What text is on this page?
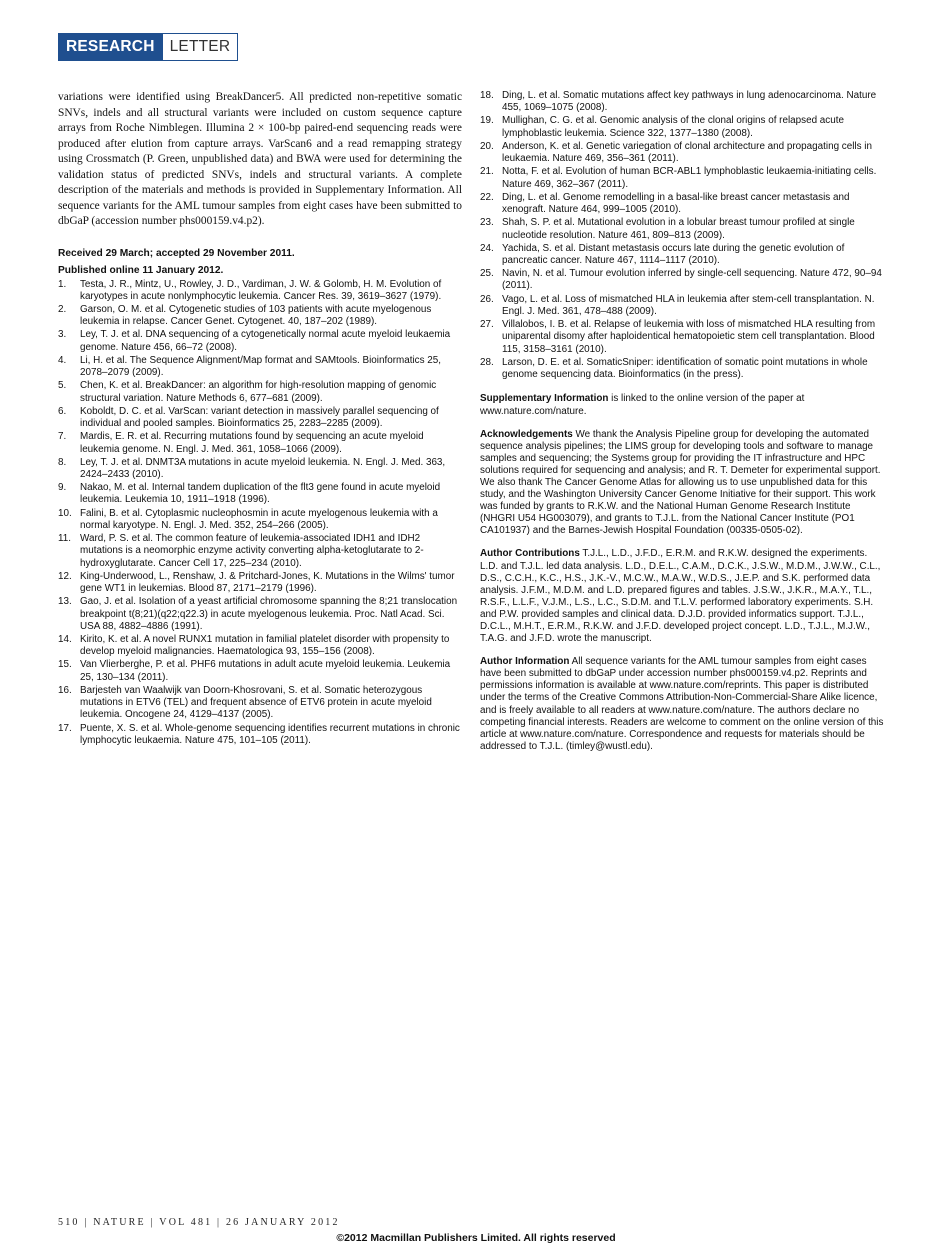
RESEARCH LETTER

variations were identified using BreakDancer5. All predicted non-repetitive somatic SNVs, indels and all structural variants were included on custom sequence capture arrays from Roche Nimblegen. Illumina 2 × 100-bp paired-end sequencing reads were produced after elution from capture arrays. VarScan6 and a read remapping strategy using Crossmatch (P. Green, unpublished data) and BWA were used for determining the validation status of predicted SNVs, indels and structural variants. A complete description of the materials and methods is provided in Supplementary Information. All sequence variants for the AML tumour samples from eight cases have been submitted to dbGaP (accession number phs000159.v4.p2).

Received 29 March; accepted 29 November 2011.
Published online 11 January 2012.
1.	Testa, J. R., Mintz, U., Rowley, J. D., Vardiman, J. W. & Golomb, H. M. Evolution of karyotypes in acute nonlymphocytic leukemia. Cancer Res. 39, 3619–3627 (1979).
2.	Garson, O. M. et al. Cytogenetic studies of 103 patients with acute myelogenous leukemia in relapse. Cancer Genet. Cytogenet. 40, 187–202 (1989).
3.	Ley, T. J. et al. DNA sequencing of a cytogenetically normal acute myeloid leukaemia genome. Nature 456, 66–72 (2008).
4.	Li, H. et al. The Sequence Alignment/Map format and SAMtools. Bioinformatics 25, 2078–2079 (2009).
5.	Chen, K. et al. BreakDancer: an algorithm for high-resolution mapping of genomic structural variation. Nature Methods 6, 677–681 (2009).
6.	Koboldt, D. C. et al. VarScan: variant detection in massively parallel sequencing of individual and pooled samples. Bioinformatics 25, 2283–2285 (2009).
7.	Mardis, E. R. et al. Recurring mutations found by sequencing an acute myeloid leukemia genome. N. Engl. J. Med. 361, 1058–1066 (2009).
8.	Ley, T. J. et al. DNMT3A mutations in acute myeloid leukemia. N. Engl. J. Med. 363, 2424–2433 (2010).
9.	Nakao, M. et al. Internal tandem duplication of the flt3 gene found in acute myeloid leukemia. Leukemia 10, 1911–1918 (1996).
10. Falini, B. et al. Cytoplasmic nucleophosmin in acute myelogenous leukemia with a normal karyotype. N. Engl. J. Med. 352, 254–266 (2005).
11. Ward, P. S. et al. The common feature of leukemia-associated IDH1 and IDH2 mutations is a neomorphic enzyme activity converting alpha-ketoglutarate to 2-hydroxyglutarate. Cancer Cell 17, 225–234 (2010).
12. King-Underwood, L., Renshaw, J. & Pritchard-Jones, K. Mutations in the Wilms' tumor gene WT1 in leukemias. Blood 87, 2171–2179 (1996).
13. Gao, J. et al. Isolation of a yeast artificial chromosome spanning the 8;21 translocation breakpoint t(8;21)(q22;q22.3) in acute myelogenous leukemia. Proc. Natl Acad. Sci. USA 88, 4882–4886 (1991).
14. Kirito, K. et al. A novel RUNX1 mutation in familial platelet disorder with propensity to develop myeloid malignancies. Haematologica 93, 155–156 (2008).
15. Van Vlierberghe, P. et al. PHF6 mutations in adult acute myeloid leukemia. Leukemia 25, 130–134 (2011).
16. Barjesteh van Waalwijk van Doorn-Khosrovani, S. et al. Somatic heterozygous mutations in ETV6 (TEL) and frequent absence of ETV6 protein in acute myeloid leukemia. Oncogene 24, 4129–4137 (2005).
17. Puente, X. S. et al. Whole-genome sequencing identifies recurrent mutations in chronic lymphocytic leukaemia. Nature 475, 101–105 (2011).
18. Ding, L. et al. Somatic mutations affect key pathways in lung adenocarcinoma. Nature 455, 1069–1075 (2008).
19. Mullighan, C. G. et al. Genomic analysis of the clonal origins of relapsed acute lymphoblastic leukemia. Science 322, 1377–1380 (2008).
20. Anderson, K. et al. Genetic variegation of clonal architecture and propagating cells in leukaemia. Nature 469, 356–361 (2011).
21. Notta, F. et al. Evolution of human BCR-ABL1 lymphoblastic leukaemia-initiating cells. Nature 469, 362–367 (2011).
22. Ding, L. et al. Genome remodelling in a basal-like breast cancer metastasis and xenograft. Nature 464, 999–1005 (2010).
23. Shah, S. P. et al. Mutational evolution in a lobular breast tumour profiled at single nucleotide resolution. Nature 461, 809–813 (2009).
24. Yachida, S. et al. Distant metastasis occurs late during the genetic evolution of pancreatic cancer. Nature 467, 1114–1117 (2010).
25. Navin, N. et al. Tumour evolution inferred by single-cell sequencing. Nature 472, 90–94 (2011).
26. Vago, L. et al. Loss of mismatched HLA in leukemia after stem-cell transplantation. N. Engl. J. Med. 361, 478–488 (2009).
27. Villalobos, I. B. et al. Relapse of leukemia with loss of mismatched HLA resulting from uniparental disomy after haploidentical hematopoietic stem cell transplantation. Blood 115, 3158–3161 (2010).
28. Larson, D. E. et al. SomaticSniper: identification of somatic point mutations in whole genome sequencing data. Bioinformatics (in the press).

Supplementary Information is linked to the online version of the paper at www.nature.com/nature.

Acknowledgements We thank the Analysis Pipeline group for developing the automated sequence analysis pipelines; the LIMS group for developing tools and software to manage samples and sequencing; the Systems group for providing the IT infrastructure and HPC solutions required for sequencing and analysis; and R. T. Demeter for experimental support. We also thank The Cancer Genome Atlas for allowing us to use unpublished data for this study, and the Washington University Cancer Genome Initiative for their support. This work was funded by grants to R.K.W. and the National Human Genome Research Institute (NHGRI U54 HG003079), and grants to T.J.L. from the National Cancer Institute (PO1 CA101937) and the Barnes-Jewish Hospital Foundation (00335-0505-02).

Author Contributions T.J.L., L.D., J.F.D., E.R.M. and R.K.W. designed the experiments. L.D. and T.J.L. led data analysis. L.D., D.E.L., C.A.M., D.C.K., J.S.W., M.D.M., J.W.W., C.L., D.S., C.C.H., K.C., H.S., J.K.-V., M.C.W., M.A.W., W.D.S., J.E.P. and S.K. performed data analysis. J.F.M., M.D.M. and L.D. prepared figures and tables. J.S.W., J.K.R., M.A.Y., T.L., R.S.F., L.L.F., V.J.M., L.S., L.C., S.D.M. and T.L.V. performed laboratory experiments. S.H. and P.W. provided samples and clinical data. D.J.D. provided informatics support. T.J.L., D.C.L., M.H.T., E.R.M., R.K.W. and J.F.D. developed project concept. L.D., T.J.L., M.J.W., T.A.G. and J.F.D. wrote the manuscript.

Author Information All sequence variants for the AML tumour samples from eight cases have been submitted to dbGaP under accession number phs000159.v4.p2. Reprints and permissions information is available at www.nature.com/reprints. This paper is distributed under the terms of the Creative Commons Attribution-Non-Commercial-Share Alike licence, and is freely available to all readers at www.nature.com/nature. The authors declare no competing financial interests. Readers are welcome to comment on the online version of this article at www.nature.com/nature. Correspondence and requests for materials should be addressed to T.J.L. (timley@wustl.edu).

510 | NATURE | VOL 481 | 26 JANUARY 2012
©2012 Macmillan Publishers Limited. All rights reserved
